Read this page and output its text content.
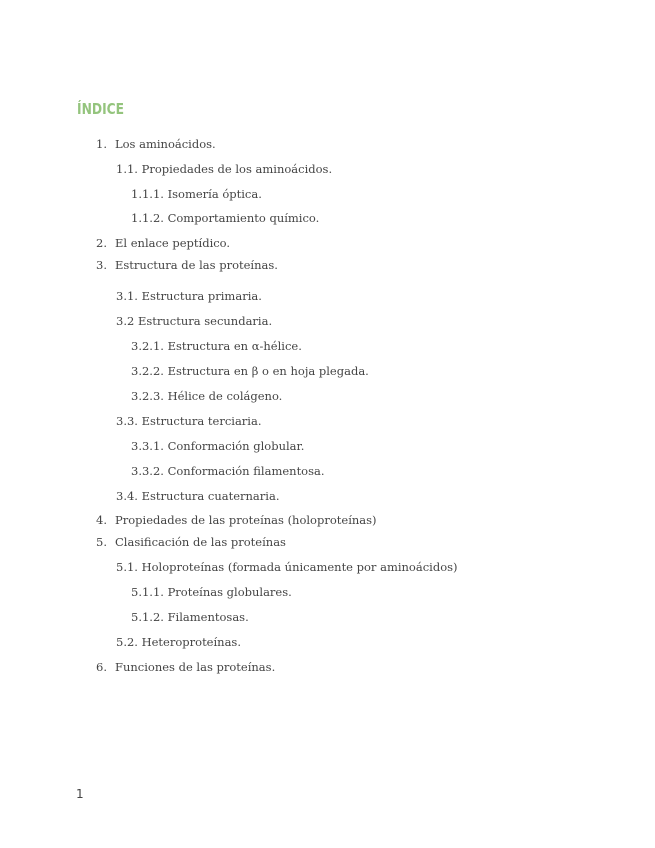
ÍNDICE
1. Los aminoácidos.
1.1. Propiedades de los aminoácidos.
1.1.1. Isomería óptica.
1.1.2. Comportamiento químico.
2. El enlace peptídico.
3. Estructura de las proteínas.
3.1. Estructura primaria.
3.2 Estructura secundaria.
3.2.1. Estructura en α-hélice.
3.2.2. Estructura en β o en hoja plegada.
3.2.3. Hélice de colágeno.
3.3. Estructura terciaria.
3.3.1. Conformación globular.
3.3.2. Conformación filamentosa.
3.4. Estructura cuaternaria.
4. Propiedades de las proteínas (holoproteínas)
5. Clasificación de las proteínas
5.1. Holoproteínas (formada únicamente por aminoácidos)
5.1.1. Proteínas globulares.
5.1.2. Filamentosas.
5.2. Heteroproteínas.
6. Funciones de las proteínas.
1
